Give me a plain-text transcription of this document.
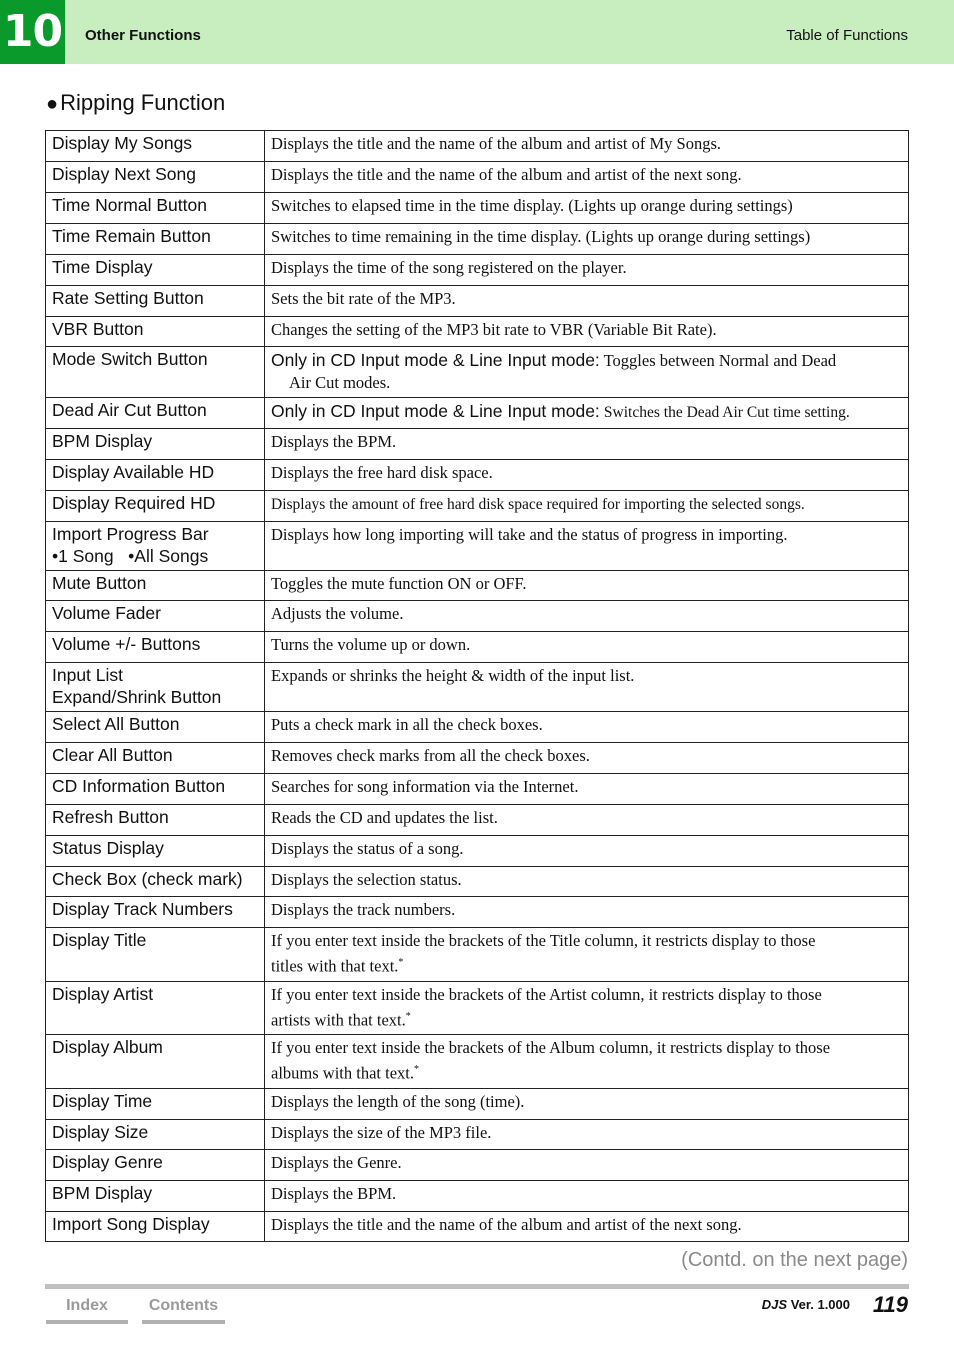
10 Other Functions	Table of Functions
●Ripping Function
Display My Songs	Displays the title and the name of the album and artist of My Songs.
Display Next Song	Displays the title and the name of the album and artist of the next song.
Time Normal Button	Switches to elapsed time in the time display. (Lights up orange during settings)
Time Remain Button	Switches to time remaining in the time display. (Lights up orange during settings)
Time Display	Displays the time of the song registered on the player.
Rate Setting Button	Sets the bit rate of the MP3.
VBR Button	Changes the setting of the MP3 bit rate to VBR (Variable Bit Rate).
Mode Switch Button	Only in CD Input mode & Line Input mode: Toggles between Normal and Dead
Air Cut modes.

Dead Air Cut Button	Only in CD Input mode & Line Input mode: Switches the Dead Air Cut time setting.
BPM Display	Displays the BPM.
Display Available HD	Displays the free hard disk space.
Display Required HD	Displays the amount of free hard disk space required for importing the selected songs.
Import Progress Bar
•1 Song   •All Songs	Displays how long importing will take and the status of progress in importing.
Mute Button	Toggles the mute function ON or OFF.
Volume Fader	Adjusts the volume.
Volume +/- Buttons	Turns the volume up or down.
Input List
Expand/Shrink Button	Expands or shrinks the height & width of the input list.
Select All Button	Puts a check mark in all the check boxes.
Clear All Button	Removes check marks from all the check boxes.
CD Information Button	Searches for song information via the Internet.
Refresh Button	Reads the CD and updates the list.
Status Display	Displays the status of a song.
Check Box (check mark)	Displays the selection status.
Display Track Numbers	Displays the track numbers.
Display Title	If you enter text inside the brackets of the Title column, it restricts display to those
titles with that text.*

Display Artist	If you enter text inside the brackets of the Artist column, it restricts display to those
artists with that text.*

Display Album	If you enter text inside the brackets of the Album column, it restricts display to those
albums with that text.*

Display Time	Displays the length of the song (time).
Display Size	Displays the size of the MP3 file.
Display Genre	Displays the Genre.
BPM Display	Displays the BPM.
Import Song Display	Displays the title and the name of the album and artist of the next song.
(Contd. on the next page)
Index	Contents	DJS Ver. 1.000 119
